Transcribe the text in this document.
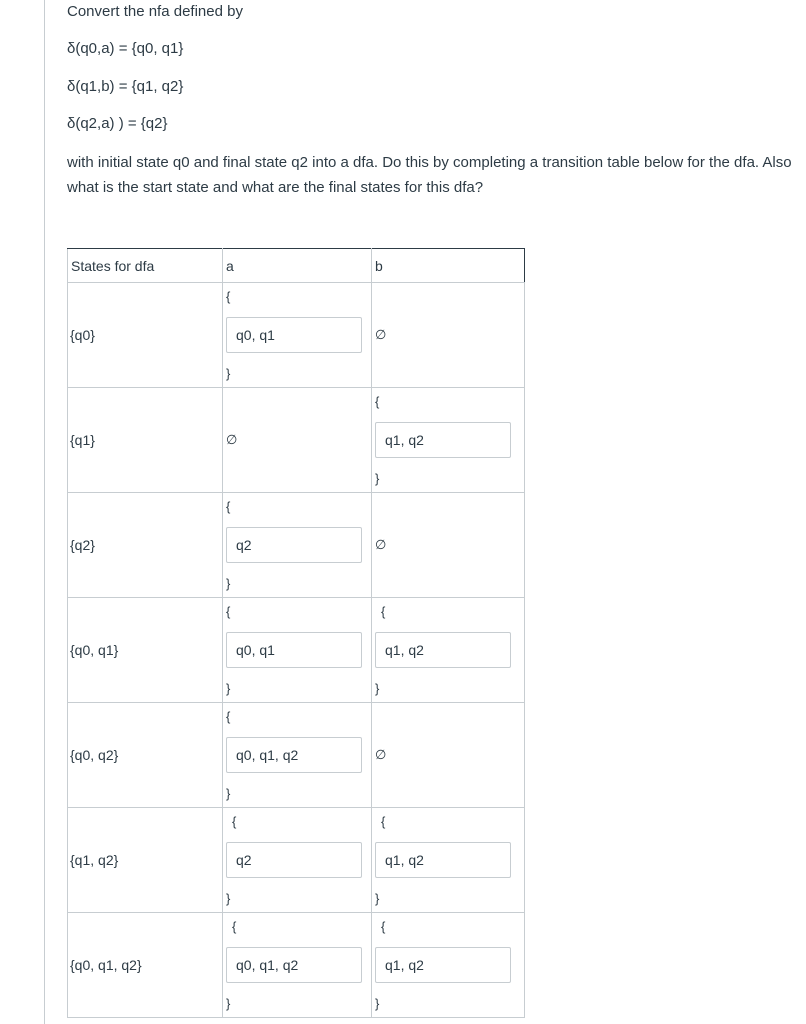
Convert the nfa defined by
δ(q0,a) = {q0, q1}
δ(q1,b) = {q1, q2}
δ(q2,a) ) = {q2}
with initial state q0 and final state q2 into a dfa. Do this by completing a transition table below for the dfa. Also what is the start state and what are the final states for this dfa?
States for dfa	a	b

{q0}	{
q0, q1
}	∅

{q1}	∅	{
q1, q2
}

{q2}	{
q2
}	∅

{q0, q1}	{
q0, q1
}	{
q1, q2
}

{q0, q2}	{
q0, q1, q2
}	∅

{q1, q2}	{
q2
}	{
q1, q2
}

{q0, q1, q2}	{
q0, q1, q2
}	{
q1, q2
}
